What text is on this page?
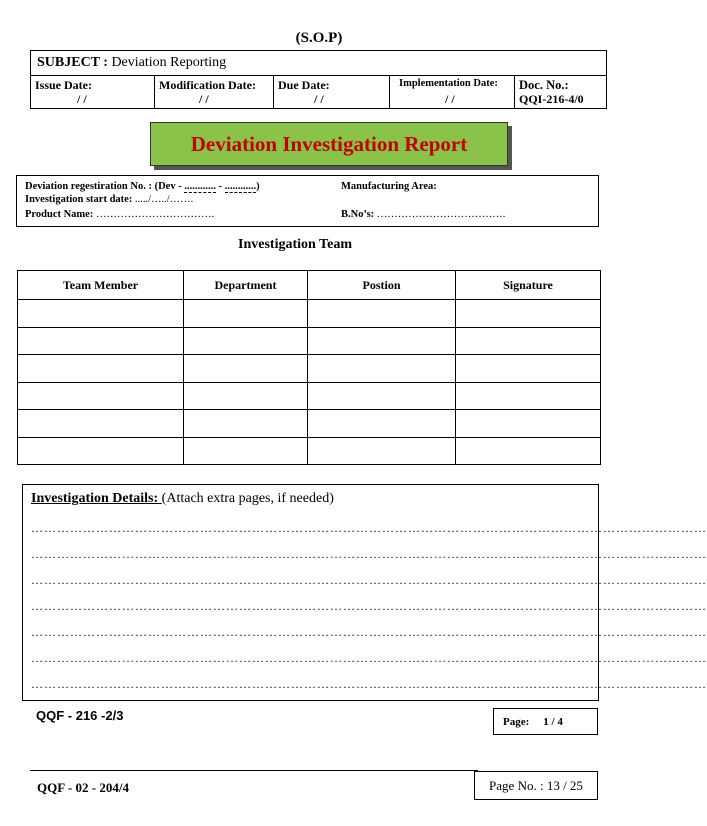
(S.O.P)
SUBJECT : Deviation Reporting
Issue Date:
/ /
Modification Date:
/ /
Due Date:
/ /
Implementation Date:
/ /
Doc. No.:
QQI-216-4/0
Deviation Investigation Report
Deviation regestiration No. : (Dev - ............ - ............)	Manufacturing Area:
Investigation start date: ...../…../…….
Product Name: …………………………….	B.No’s: ……………………………….
Investigation Team
Team Member	Department	Postion	Signature

Investigation Details: (Attach extra pages, if needed)
…………………………………………………………………………………………………………………………………………
…………………………………………………………………………………………………………………………………………
…………………………………………………………………………………………………………………………………………
…………………………………………………………………………………………………………………………………………
…………………………………………………………………………………………………………………………………………
…………………………………………………………………………………………………………………………………………
…………………………………………………………………………………………………………………………………………
QQF - 216 -2/3	Page: 1 / 4
QQF - 02 - 204/4	Page No. : 13 / 25
